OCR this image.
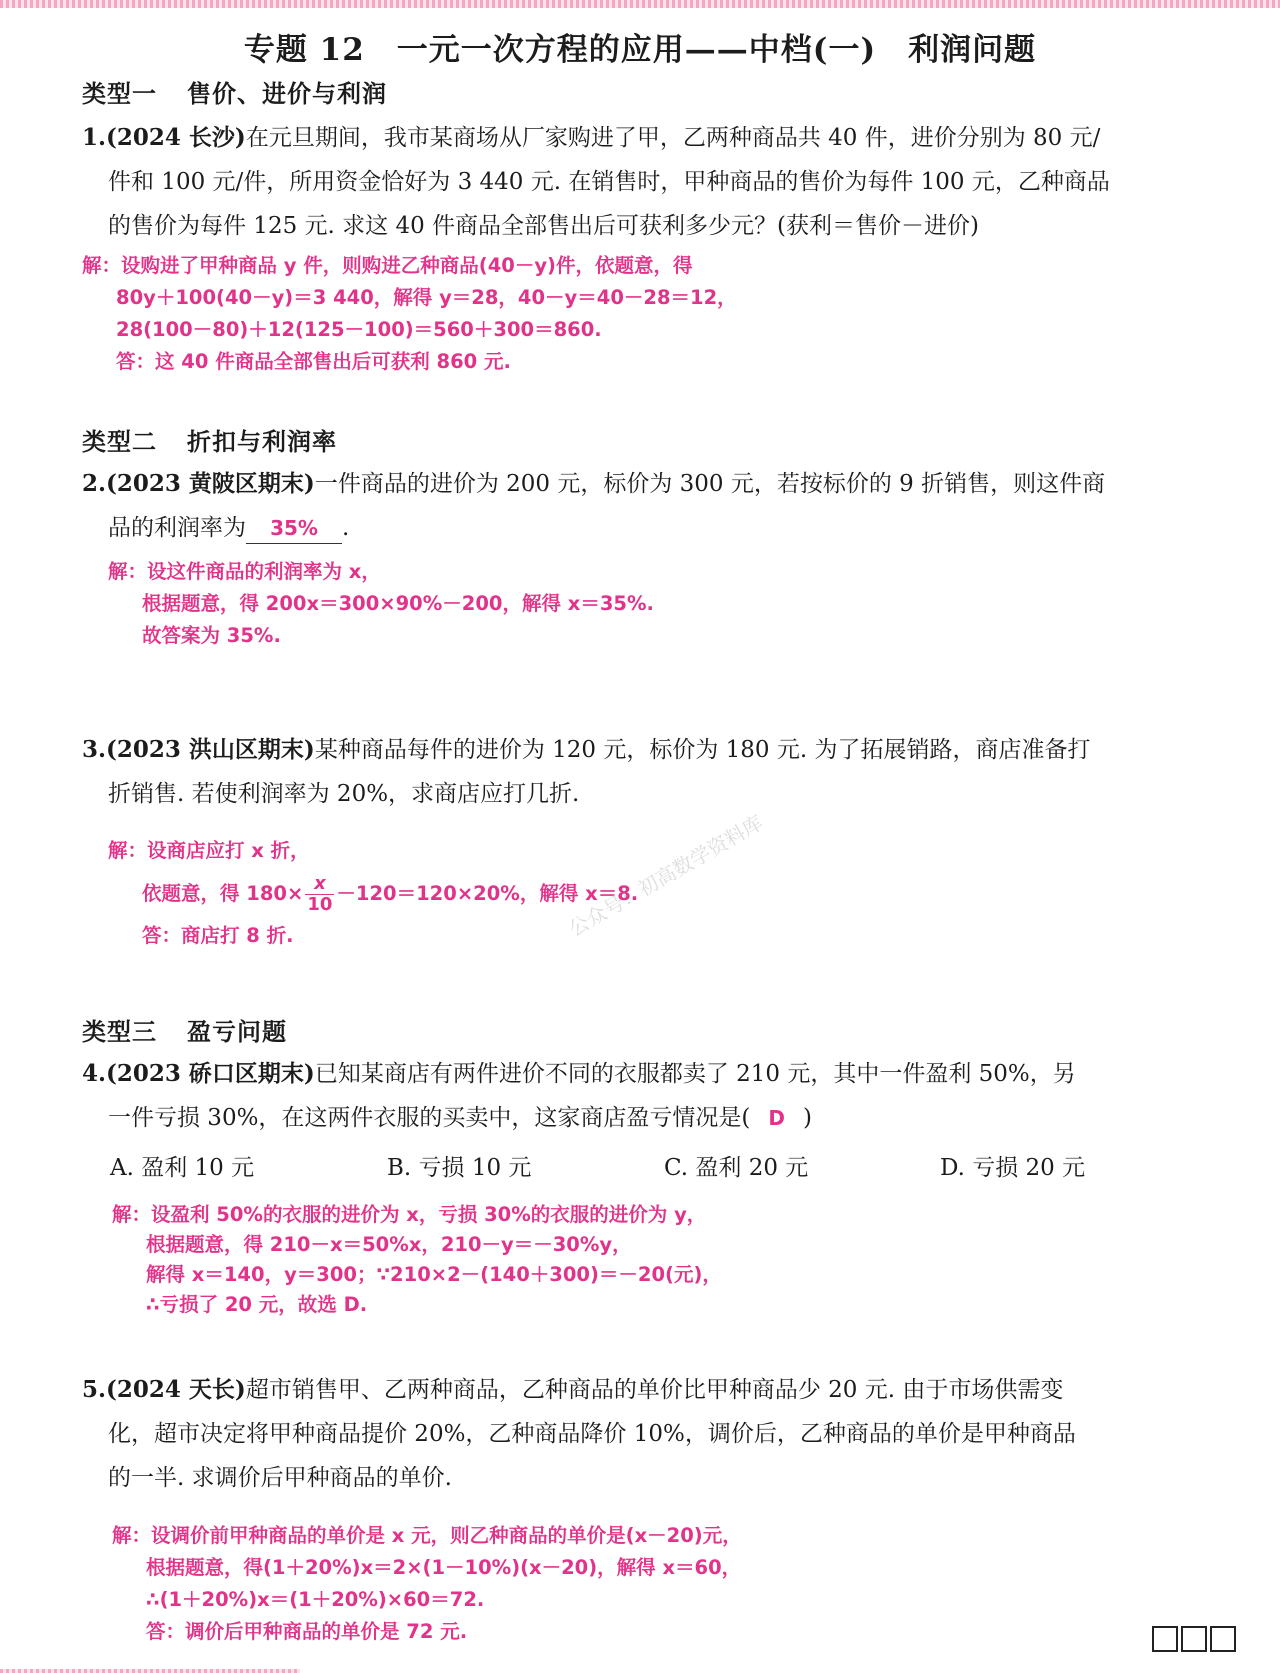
专题 12　一元一次方程的应用——中档(一)　利润问题
类型一 售价、进价与利润
1.(2024 长沙)在元旦期间，我市某商场从厂家购进了甲，乙两种商品共 40 件，进价分别为 80 元/
件和 100 元/件，所用资金恰好为 3 440 元. 在销售时，甲种商品的售价为每件 100 元，乙种商品
的售价为每件 125 元. 求这 40 件商品全部售出后可获利多少元？(获利＝售价－进价)
解：设购进了甲种商品 y 件，则购进乙种商品(40－y)件，依题意，得
80y＋100(40－y)＝3 440，解得 y＝28，40－y＝40－28＝12，
28(100－80)＋12(125－100)＝560＋300＝860.
答：这 40 件商品全部售出后可获利 860 元.
类型二 折扣与利润率
2.(2023 黄陂区期末)一件商品的进价为 200 元，标价为 300 元，若按标价的 9 折销售，则这件商
品的利润率为 35% .
解：设这件商品的利润率为 x，
根据题意，得 200x＝300×90%－200，解得 x＝35%.
故答案为 35%.
3.(2023 洪山区期末)某种商品每件的进价为 120 元，标价为 180 元. 为了拓展销路，商店准备打
折销售. 若使利润率为 20%，求商店应打几折.
解：设商店应打 x 折，
依题意，得 $180\times \frac{x}{10} -120=120\times 20\%$，解得 x＝8.
答：商店打 8 折.	公众号：初高数学资料库
类型三 盈亏问题
4.(2023 硚口区期末)已知某商店有两件进价不同的衣服都卖了 210 元，其中一件盈利 50%，另
一件亏损 30%，在这两件衣服的买卖中，这家商店盈亏情况是( D )
A. 盈利 10 元	B. 亏损 10 元	C. 盈利 20 元	D. 亏损 20 元
解：设盈利 50%的衣服的进价为 x，亏损 30%的衣服的进价为 y，
根据题意，得 210－x＝50%x，210－y＝－30%y，
解得 x＝140，y＝300；∵210×2－(140＋300)＝－20(元)，
∴亏损了 20 元，故选 D.
5.(2024 天长)超市销售甲、乙两种商品，乙种商品的单价比甲种商品少 20 元. 由于市场供需变
化，超市决定将甲种商品提价 20%，乙种商品降价 10%，调价后，乙种商品的单价是甲种商品
的一半. 求调价后甲种商品的单价.
解：设调价前甲种商品的单价是 x 元，则乙种商品的单价是(x－20)元，
根据题意，得(1＋20%)x＝2×(1－10%)(x－20)，解得 x＝60，
∴(1＋20%)x＝(1＋20%)×60＝72.
答：调价后甲种商品的单价是 72 元.
